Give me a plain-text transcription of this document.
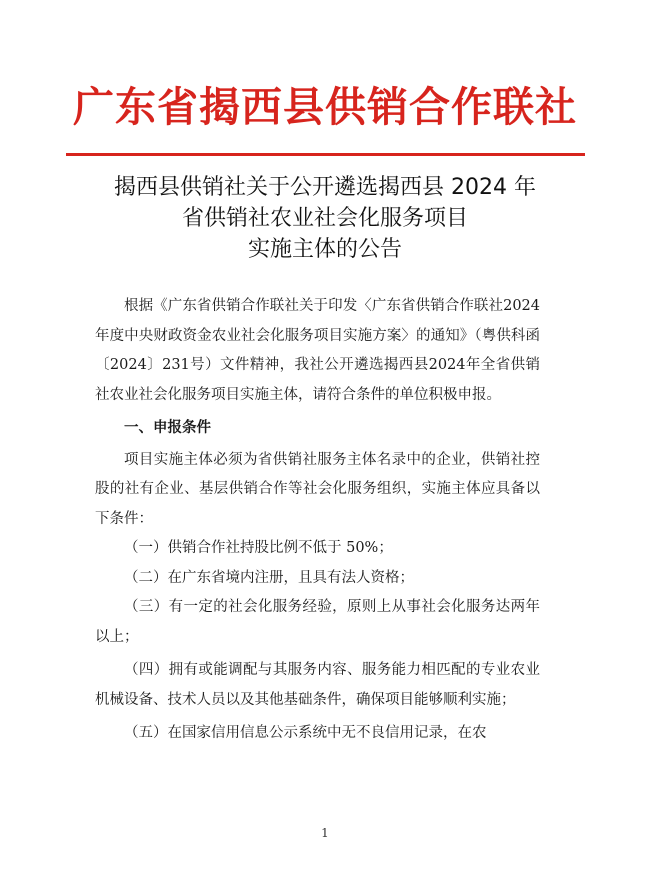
广东省揭西县供销合作联社
揭西县供销社关于公开遴选揭西县 2024 年
省供销社农业社会化服务项目
实施主体的公告

根据《广东省供销合作联社关于印发〈广东省供销合作联社2024年度中央财政资金农业社会化服务项目实施方案〉的通知》（粤供科函〔2024〕231号）文件精神，我社公开遴选揭西县2024年全省供销社农业社会化服务项目实施主体，请符合条件的单位积极申报。

一、申报条件

项目实施主体必须为省供销社服务主体名录中的企业，供销社控股的社有企业、基层供销合作等社会化服务组织，实施主体应具备以下条件：

（一）供销合作社持股比例不低于 50%；

（二）在广东省境内注册，且具有法人资格；

（三）有一定的社会化服务经验，原则上从事社会化服务达两年以上；

（四）拥有或能调配与其服务内容、服务能力相匹配的专业农业机械设备、技术人员以及其他基础条件，确保项目能够顺利实施；

（五）在国家信用信息公示系统中无不良信用记录，在农

1
